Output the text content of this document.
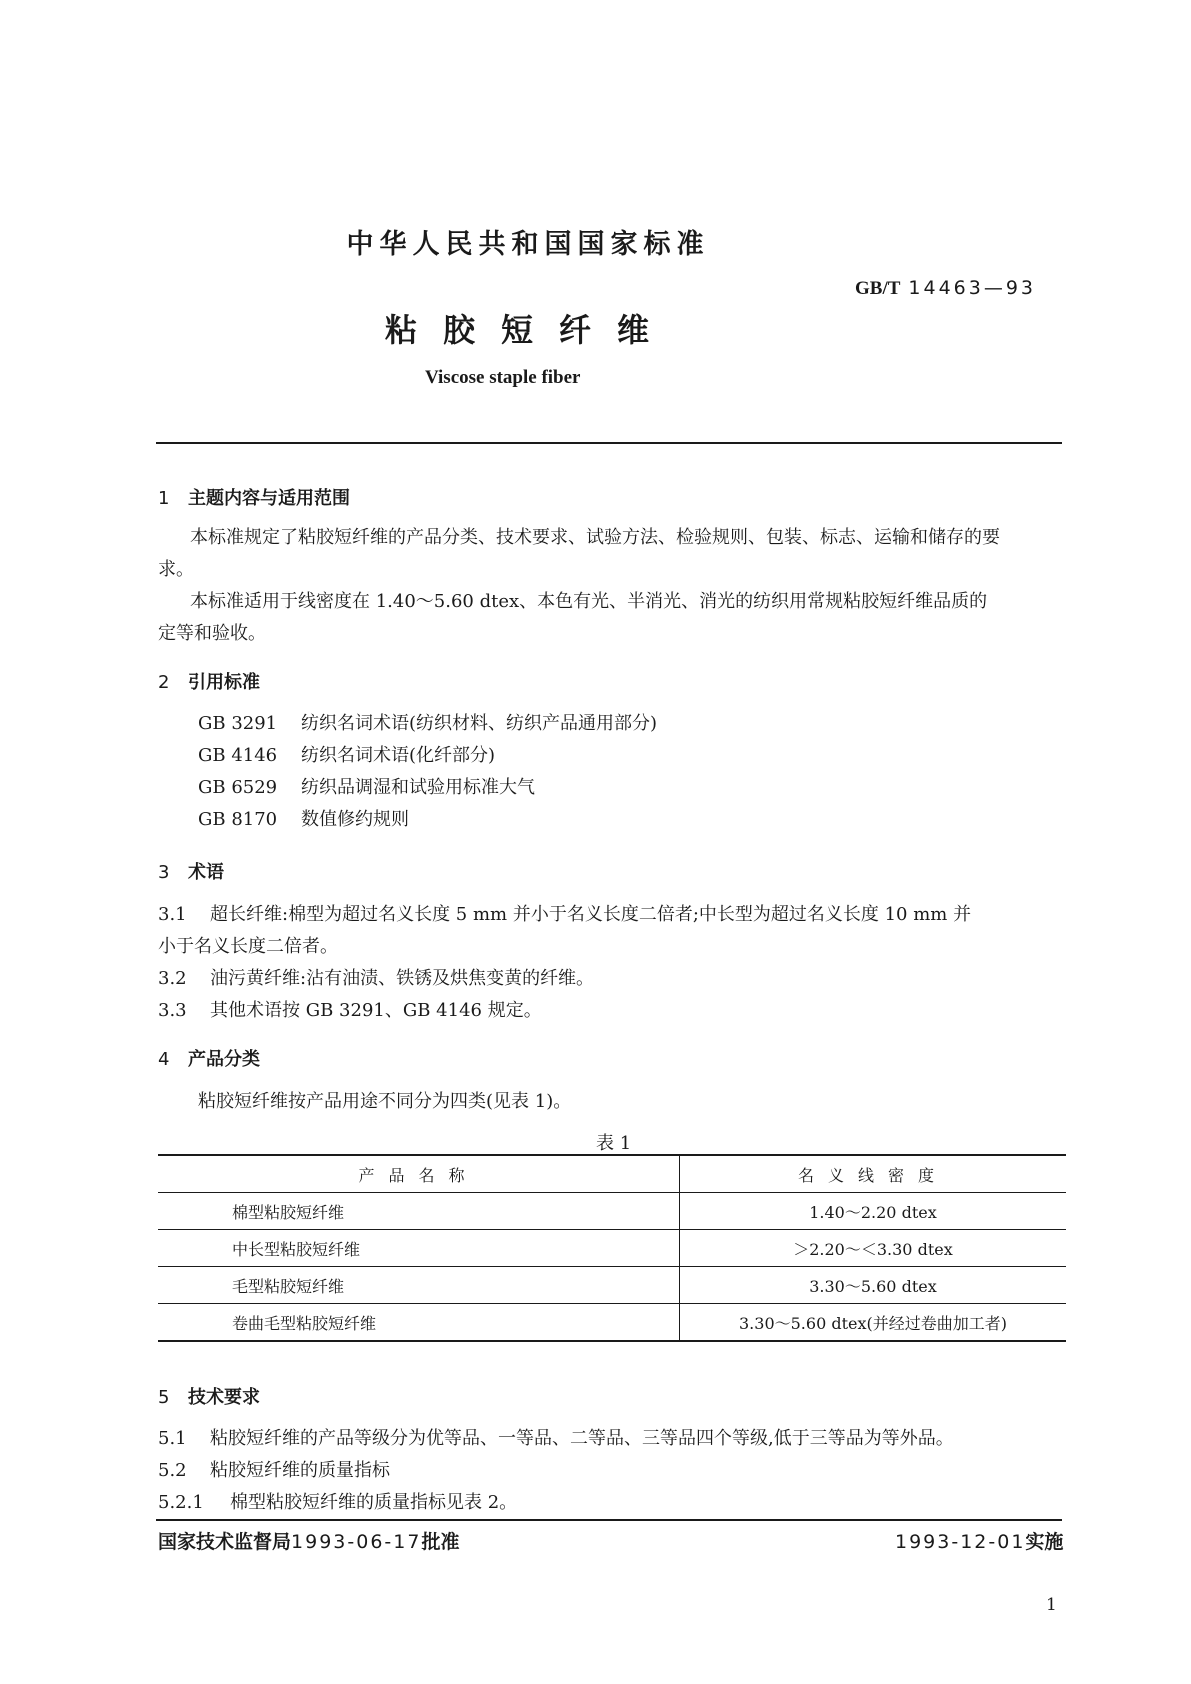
中华人民共和国国家标准
GB/T 14463—93
粘胶短纤维
Viscose staple fiber
1 主题内容与适用范围
本标准规定了粘胶短纤维的产品分类、技术要求、试验方法、检验规则、包装、标志、运输和储存的要
求。
本标准适用于线密度在 1.40～5.60 dtex、本色有光、半消光、消光的纺织用常规粘胶短纤维品质的
定等和验收。
2 引用标准
GB 3291 纺织名词术语(纺织材料、纺织产品通用部分)
GB 4146 纺织名词术语(化纤部分)
GB 6529 纺织品调湿和试验用标准大气
GB 8170 数值修约规则
3 术语
3.1 超长纤维:棉型为超过名义长度 5 mm 并小于名义长度二倍者;中长型为超过名义长度 10 mm 并
小于名义长度二倍者。
3.2 油污黄纤维:沾有油渍、铁锈及烘焦变黄的纤维。
3.3 其他术语按 GB 3291、GB 4146 规定。
4 产品分类
粘胶短纤维按产品用途不同分为四类(见表 1)。
表 1
产品名称	名义线密度
棉型粘胶短纤维	1.40～2.20 dtex
中长型粘胶短纤维	＞2.20～＜3.30 dtex
毛型粘胶短纤维	3.30～5.60 dtex
卷曲毛型粘胶短纤维	3.30～5.60 dtex(并经过卷曲加工者)
5 技术要求
5.1 粘胶短纤维的产品等级分为优等品、一等品、二等品、三等品四个等级,低于三等品为等外品。
5.2 粘胶短纤维的质量指标
5.2.1 棉型粘胶短纤维的质量指标见表 2。
国家技术监督局1993-06-17批准	1993-12-01实施
1
